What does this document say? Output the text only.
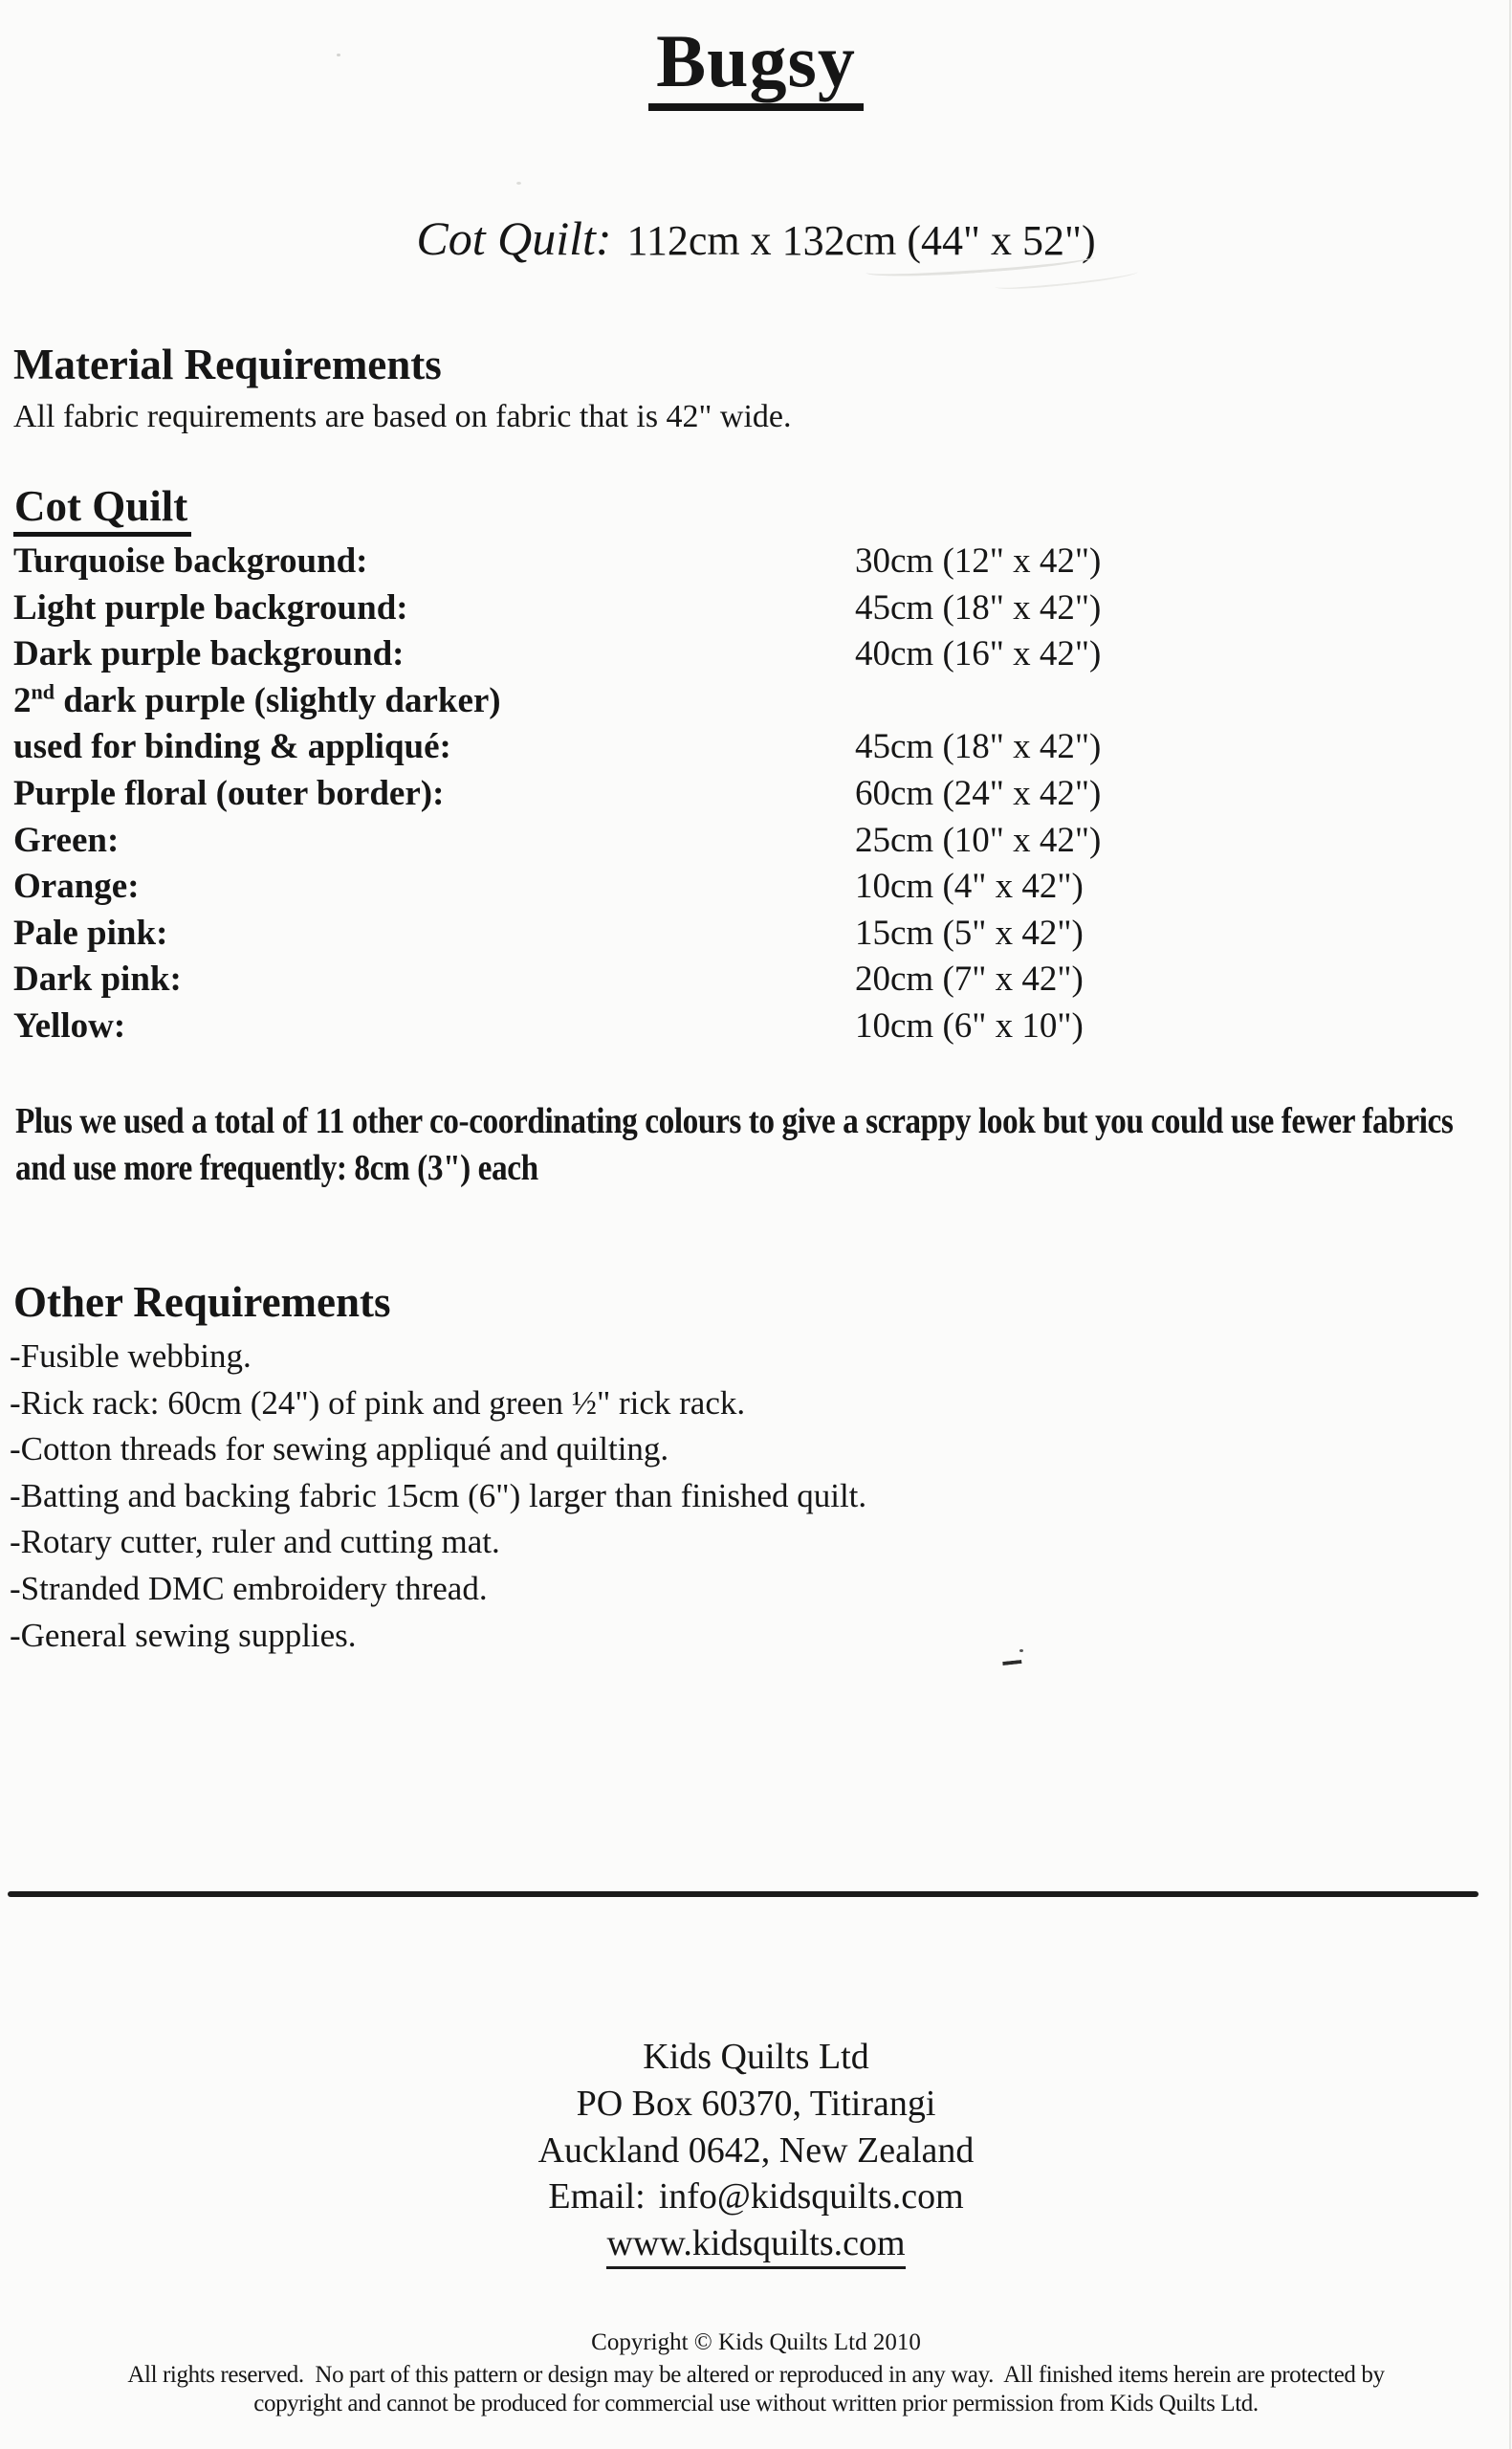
Bugsy
Cot Quilt: 112cm x 132cm (44" x 52")
Material Requirements
All fabric requirements are based on fabric that is 42" wide.
Cot Quilt
Turquoise background:	30cm (12" x 42")
Light purple background:	45cm (18" x 42")
Dark purple background:	40cm (16" x 42")
2nd dark purple (slightly darker)
used for binding & appliqué:	45cm (18" x 42")
Purple floral (outer border):	60cm (24" x 42")
Green:	25cm (10" x 42")
Orange:	10cm (4" x 42")
Pale pink:	15cm (5" x 42")
Dark pink:	20cm (7" x 42")
Yellow:	10cm (6" x 10")
Plus we used a total of 11 other co-coordinating colours to give a scrappy look but you could use fewer fabrics and use more frequently: 8cm (3") each
Other Requirements
-Fusible webbing.
-Rick rack: 60cm (24") of pink and green ½" rick rack.
-Cotton threads for sewing appliqué and quilting.
-Batting and backing fabric 15cm (6") larger than finished quilt.
-Rotary cutter, ruler and cutting mat.
-Stranded DMC embroidery thread.
-General sewing supplies.
Kids Quilts Ltd
PO Box 60370, Titirangi
Auckland 0642, New Zealand
Email: info@kidsquilts.com
www.kidsquilts.com
Copyright © Kids Quilts Ltd 2010
All rights reserved.  No part of this pattern or design may be altered or reproduced in any way.  All finished items herein are protected by
copyright and cannot be produced for commercial use without written prior permission from Kids Quilts Ltd.
